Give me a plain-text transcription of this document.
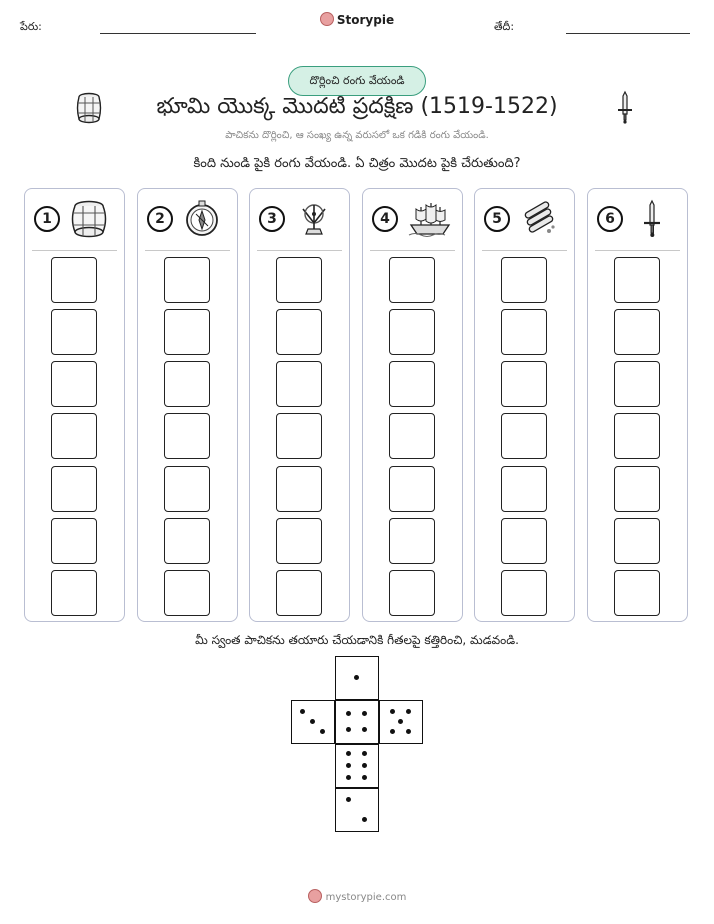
పేరు:	Storypie	తేదీ:
దొర్లించి రంగు వేయండి
భూమి యొక్క మొదటి ప్రదక్షిణ (1519-1522)
పాచికను దొర్లించి, ఆ సంఖ్య ఉన్న వరుసలో ఒక గడికి రంగు వేయండి.
కింది నుండి పైకి రంగు వేయండి. ఏ చిత్రం మొదట పైకి చేరుతుంది?
1	2	3	4	5	6
మీ స్వంత పాచికను తయారు చేయడానికి గీతలపై కత్తిరించి, మడవండి.
mystorypie.com
